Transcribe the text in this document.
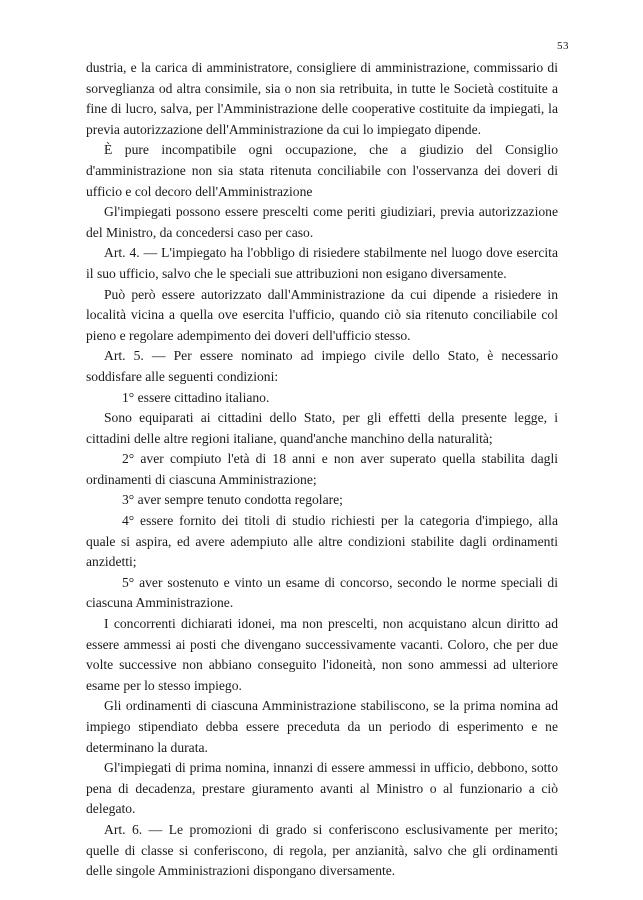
53

dustria, e la carica di amministratore, consigliere di amministrazione, commissario di sorveglianza od altra consimile, sia o non sia retribuita, in tutte le Società costituite a fine di lucro, salva, per l'Amministrazione delle cooperative costituite da impiegati, la previa autorizzazione dell'Amministrazione da cui lo impiegato dipende.

È pure incompatibile ogni occupazione, che a giudizio del Consiglio d'amministrazione non sia stata ritenuta conciliabile con l'osservanza dei doveri di ufficio e col decoro dell'Amministrazione

Gl'impiegati possono essere prescelti come periti giudiziari, previa autorizzazione del Ministro, da concedersi caso per caso.

Art. 4. — L'impiegato ha l'obbligo di risiedere stabilmente nel luogo dove esercita il suo ufficio, salvo che le speciali sue attribuzioni non esigano diversamente.

Può però essere autorizzato dall'Amministrazione da cui dipende a risiedere in località vicina a quella ove esercita l'ufficio, quando ciò sia ritenuto conciliabile col pieno e regolare adempimento dei doveri dell'ufficio stesso.

Art. 5. — Per essere nominato ad impiego civile dello Stato, è necessario soddisfare alle seguenti condizioni:

1° essere cittadino italiano.

Sono equiparati ai cittadini dello Stato, per gli effetti della presente legge, i cittadini delle altre regioni italiane, quand'anche manchino della naturalità;

2° aver compiuto l'età di 18 anni e non aver superato quella stabilita dagli ordinamenti di ciascuna Amministrazione;

3° aver sempre tenuto condotta regolare;

4° essere fornito dei titoli di studio richiesti per la categoria d'impiego, alla quale si aspira, ed avere adempiuto alle altre condizioni stabilite dagli ordinamenti anzidetti;

5° aver sostenuto e vinto un esame di concorso, secondo le norme speciali di ciascuna Amministrazione.

I concorrenti dichiarati idonei, ma non prescelti, non acquistano alcun diritto ad essere ammessi ai posti che divengano successivamente vacanti. Coloro, che per due volte successive non abbiano conseguito l'idoneità, non sono ammessi ad ulteriore esame per lo stesso impiego.

Gli ordinamenti di ciascuna Amministrazione stabiliscono, se la prima nomina ad impiego stipendiato debba essere preceduta da un periodo di esperimento e ne determinano la durata.

Gl'impiegati di prima nomina, innanzi di essere ammessi in ufficio, debbono, sotto pena di decadenza, prestare giuramento avanti al Ministro o al funzionario a ciò delegato.

Art. 6. — Le promozioni di grado si conferiscono esclusivamente per merito; quelle di classe si conferiscono, di regola, per anzianità, salvo che gli ordinamenti delle singole Amministrazioni dispongano diversamente.
